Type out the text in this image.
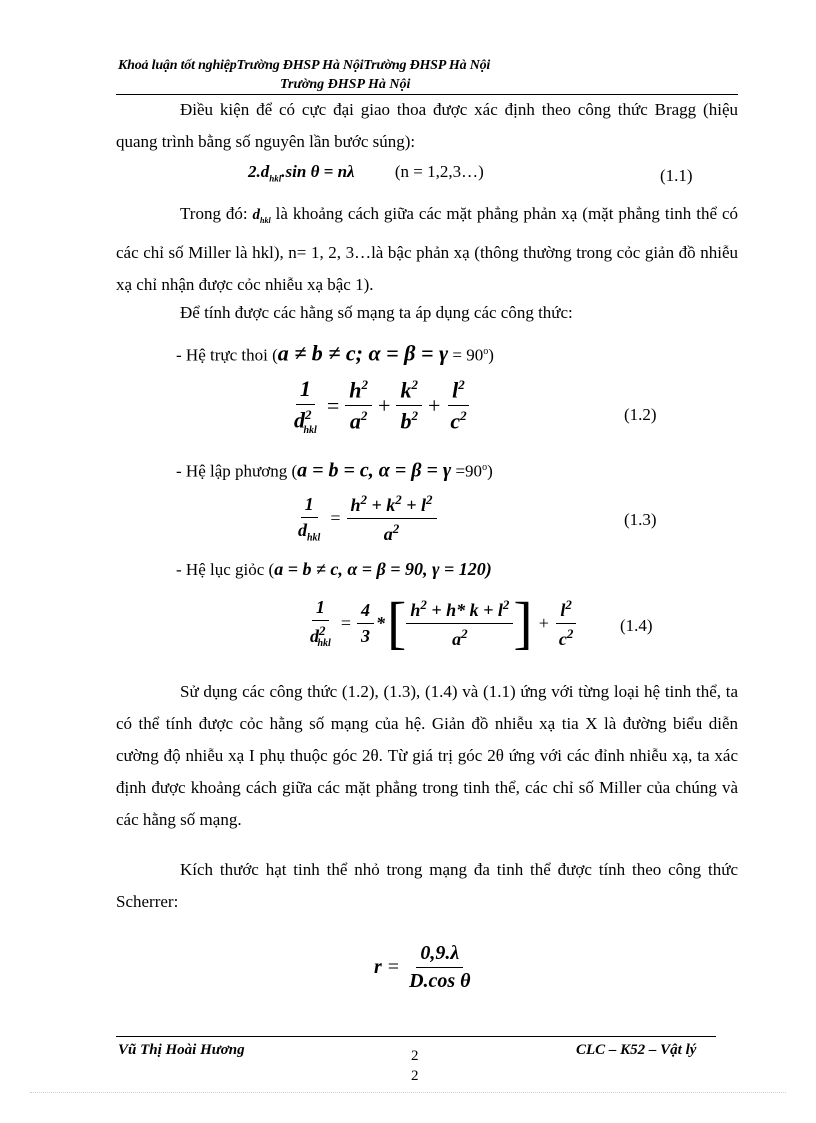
Khoả luận tốt nghiệpTrường ĐHSP Hà NộiTrường ĐHSP Hà Nội
Trường ĐHSP Hà Nội

Điều kiện để có cực đại giao thoa được xác định theo công thức Bragg (hiệu quang trình bằng số nguyên lần bước súng):

$2.d_{hkl}.\sin$ θ = nλ (n = 1,2,3…)	(1.1)

Trong đó: $d_{hkl}$ là khoảng cách giữa các mặt phẳng phản xạ (mặt phẳng tinh thể có các chỉ số Miller là hkl), n= 1, 2, 3…là bậc phản xạ (thông thường trong cỏc giản đồ nhiễu xạ chỉ nhận được cỏc nhiễu xạ bậc 1).

Để tính được các hằng số mạng ta áp dụng các công thức:

- Hệ trực thoi (a ≠ b ≠ c; $\alpha = \beta = \gamma = 90^o$)

$\frac{1}{d^2_{hkl}} = \frac{h^2}{a^2} + \frac{k^2}{b^2} + \frac{l^2}{c^2}$	(1.2)

- Hệ lập phương (a = b = c, $\alpha = \beta = \gamma =90^o$)

$\frac{1}{d_{hkl}} = \frac{h^2 + k^2 + l^2}{a^2}$	(1.3)

- Hệ lục giỏc (a = b ≠ c, α = β = 90, γ = 120)

$\frac{1}{d^2_{hkl}} = \frac{4}{3}$ * [ $\frac{h^2 + h* k + l^2}{a^2}$ ] + $\frac{l^2}{c^2}$	(1.4)

Sử dụng các công thức (1.2), (1.3), (1.4) và (1.1) ứng với từng loại hệ tinh thể, ta có thể tính được cỏc hằng số mạng của hệ. Giản đồ nhiễu xạ tia X là đường biểu diễn cường độ nhiễu xạ I phụ thuộc góc 2θ. Từ giá trị góc 2θ ứng với các đỉnh nhiễu xạ, ta xác định được khoảng cách giữa các mặt phẳng trong tinh thể, các chỉ số Miller của chúng và các hằng số mạng.

Kích thước hạt tinh thể nhỏ trong mạng đa tinh thể được tính theo công thức Scherrer:

$r = \frac{0,9.\lambda}{\text{D.cos θ}}$
Vũ Thị Hoài Hương	CLC – K52 – Vật lý
2
2
